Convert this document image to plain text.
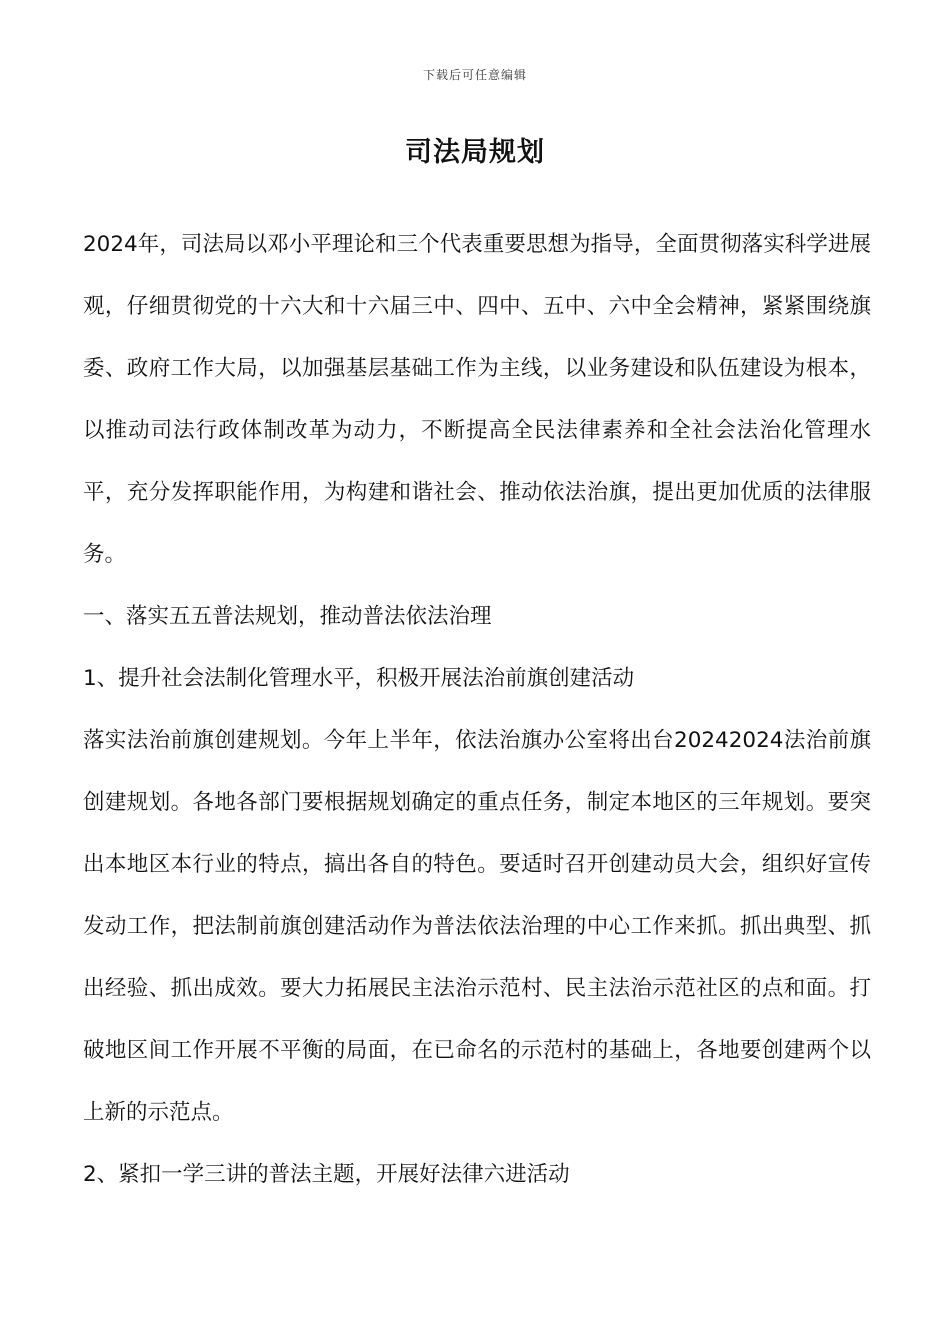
下载后可任意编辑
司法局规划

2024年，司法局以邓小平理论和三个代表重要思想为指导，全面贯彻落实科学进展观，仔细贯彻党的十六大和十六届三中、四中、五中、六中全会精神，紧紧围绕旗委、政府工作大局，以加强基层基础工作为主线，以业务建设和队伍建设为根本，以推动司法行政体制改革为动力，不断提高全民法律素养和全社会法治化管理水平，充分发挥职能作用，为构建和谐社会、推动依法治旗，提出更加优质的法律服务。

一、落实五五普法规划，推动普法依法治理

1、提升社会法制化管理水平，积极开展法治前旗创建活动

落实法治前旗创建规划。今年上半年，依法治旗办公室将出台20242024法治前旗创建规划。各地各部门要根据规划确定的重点任务，制定本地区的三年规划。要突出本地区本行业的特点，搞出各自的特色。要适时召开创建动员大会，组织好宣传发动工作，把法制前旗创建活动作为普法依法治理的中心工作来抓。抓出典型、抓出经验、抓出成效。要大力拓展民主法治示范村、民主法治示范社区的点和面。打破地区间工作开展不平衡的局面，在已命名的示范村的基础上，各地要创建两个以上新的示范点。

2、紧扣一学三讲的普法主题，开展好法律六进活动
